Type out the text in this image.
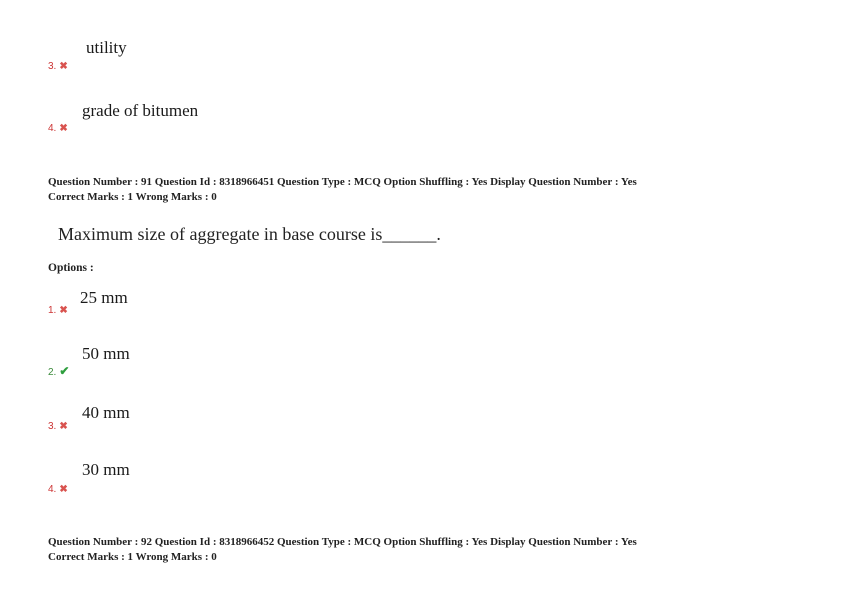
utility
3. ✖
grade of bitumen
4. ✖
Question Number : 91 Question Id : 8318966451 Question Type : MCQ Option Shuffling : Yes Display Question Number : Yes
Correct Marks : 1 Wrong Marks : 0
Maximum size of aggregate in base course is______.
Options :
25 mm
1. ✖
50 mm
2. ✔
40 mm
3. ✖
30 mm
4. ✖
Question Number : 92 Question Id : 8318966452 Question Type : MCQ Option Shuffling : Yes Display Question Number : Yes
Correct Marks : 1 Wrong Marks : 0
